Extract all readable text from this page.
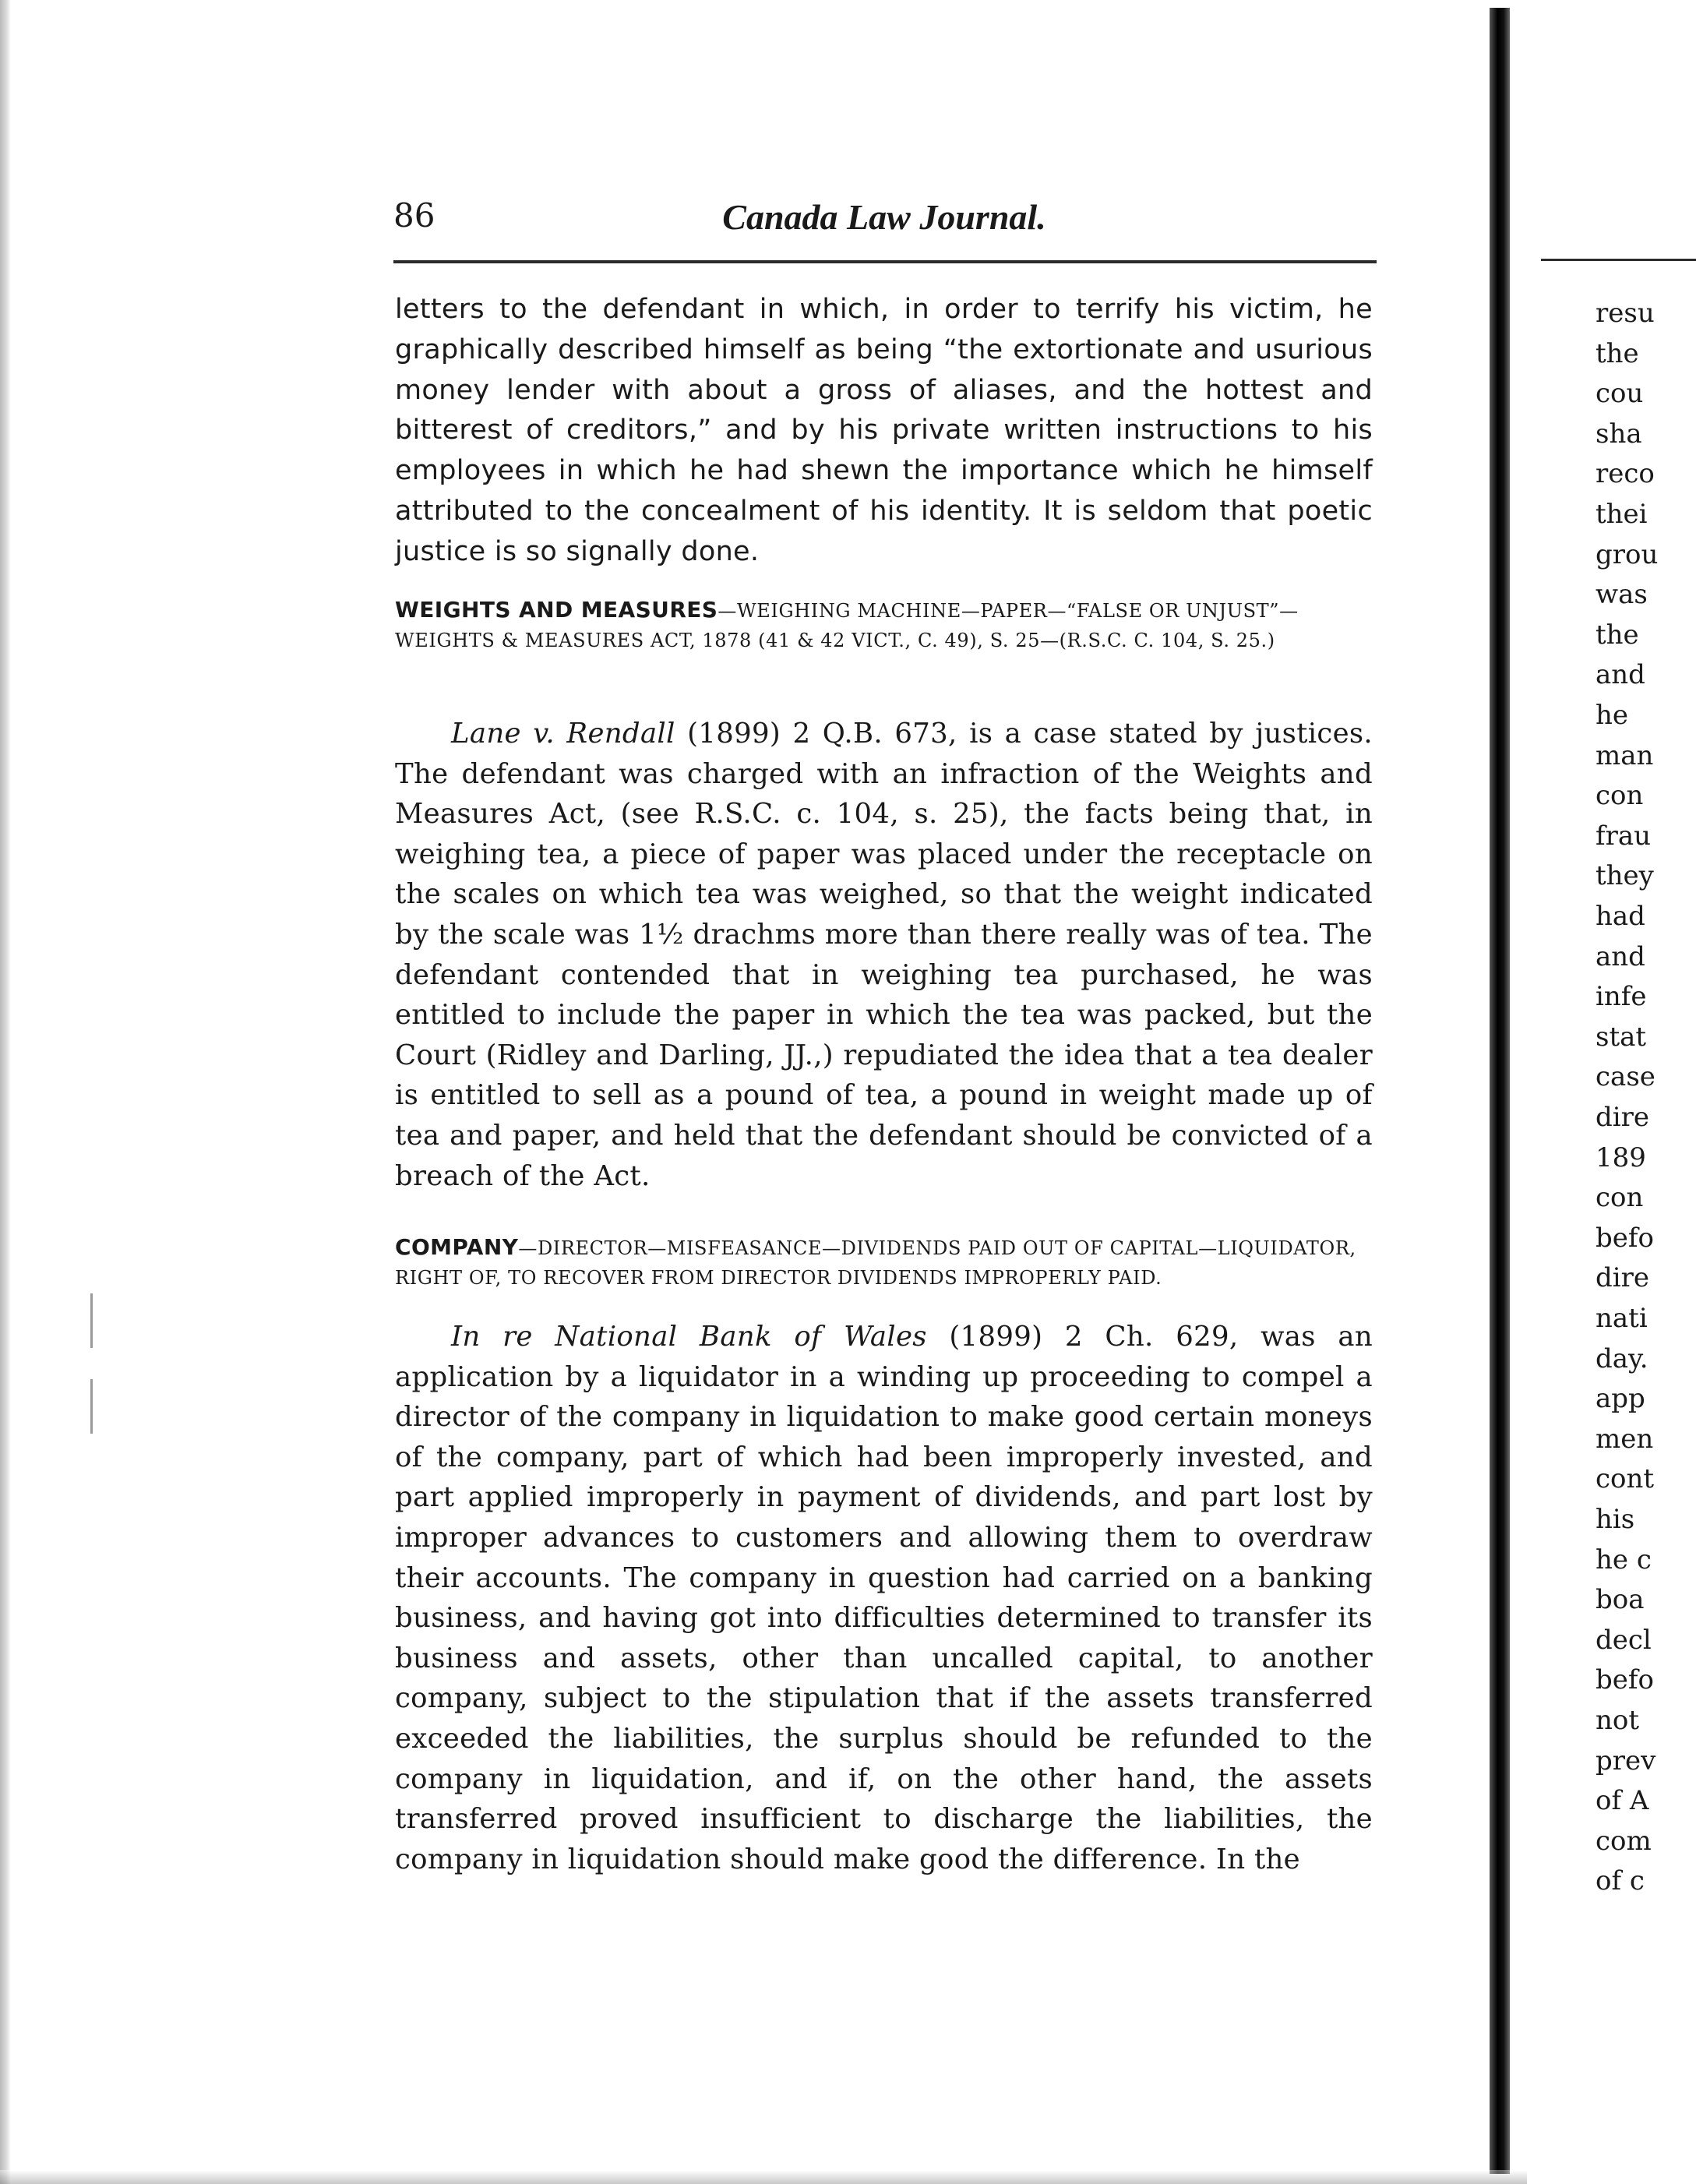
86	Canada Law Journal.

letters to the defendant in which, in order to terrify his victim, he graphically described himself as being “the extortionate and usurious money lender with about a gross of aliases, and the hottest and bitterest of creditors,” and by his private written instructions to his employees in which he had shewn the importance which he himself attributed to the concealment of his identity. It is seldom that poetic justice is so signally done.

WEIGHTS AND MEASURES—WEIGHING MACHINE—PAPER—“FALSE OR UNJUST”—WEIGHTS & MEASURES ACT, 1878 (41 & 42 VICT., C. 49), S. 25—(R.S.C. C. 104, S. 25.)

Lane v. Rendall (1899) 2 Q.B. 673, is a case stated by justices. The defendant was charged with an infraction of the Weights and Measures Act, (see R.S.C. c. 104, s. 25), the facts being that, in weighing tea, a piece of paper was placed under the receptacle on the scales on which tea was weighed, so that the weight indicated by the scale was 1½ drachms more than there really was of tea. The defendant contended that in weighing tea purchased, he was entitled to include the paper in which the tea was packed, but the Court (Ridley and Darling, JJ.,) repudiated the idea that a tea dealer is entitled to sell as a pound of tea, a pound in weight made up of tea and paper, and held that the defendant should be convicted of a breach of the Act.

COMPANY—DIRECTOR—MISFEASANCE—DIVIDENDS PAID OUT OF CAPITAL—LIQUIDATOR, RIGHT OF, TO RECOVER FROM DIRECTOR DIVIDENDS IMPROPERLY PAID.

In re National Bank of Wales (1899) 2 Ch. 629, was an application by a liquidator in a winding up proceeding to compel a director of the company in liquidation to make good certain moneys of the company, part of which had been improperly invested, and part applied improperly in payment of dividends, and part lost by improper advances to customers and allowing them to overdraw their accounts. The company in question had carried on a banking business, and having got into difficulties determined to transfer its business and assets, other than uncalled capital, to another company, subject to the stipulation that if the assets transferred exceeded the liabilities, the surplus should be refunded to the company in liquidation, and if, on the other hand, the assets transferred proved insufficient to discharge the liabilities, the company in liquidation should make good the difference. In the

resu
the
cou
sha
reco
thei
grou
was
the
and
he
man
con
frau
they
had
and
infe
stat
case
dire
189
con
befo
dire
nati
day.
app
men
cont
his
he c
boa
decl
befo
not
prev
of A
com
of c
